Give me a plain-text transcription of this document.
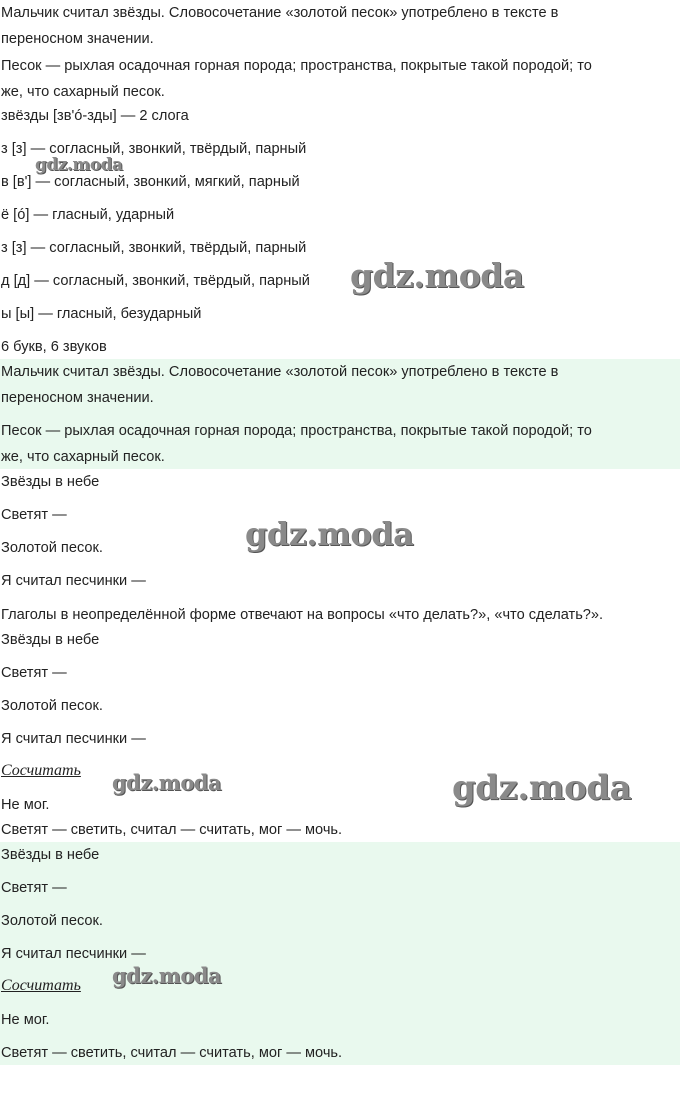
Мальчик считал звёзды. Словосочетание «золотой песок» употреблено в тексте в
переносном значении.
Песок — рыхлая осадочная горная порода; пространства, покрытые такой породой; то
же, что сахарный песок.
звёзды [зв'ó-зды] — 2 слога
з [з] — согласный, звонкий, твёрдый, парный
в [в'] — согласный, звонкий, мягкий, парный
ё [ó] — гласный, ударный
з [з] — согласный, звонкий, твёрдый, парный
д [д] — согласный, звонкий, твёрдый, парный
ы [ы] — гласный, безударный
6 букв, 6 звуков
Мальчик считал звёзды. Словосочетание «золотой песок» употреблено в тексте в
переносном значении.
Песок — рыхлая осадочная горная порода; пространства, покрытые такой породой; то
же, что сахарный песок.
Звёзды в небе
Светят —
Золотой песок.
Я считал песчинки —
Глаголы в неопределённой форме отвечают на вопросы «что делать?», «что сделать?».
Звёзды в небе
Светят —
Золотой песок.
Я считал песчинки —
Сосчитать
Не мог.
Светят — светить, считал — считать, мог — мочь.
Звёзды в небе
Светят —
Золотой песок.
Я считал песчинки —
Сосчитать
Не мог.
Светят — светить, считал — считать, мог — мочь.
gdz.moda
gdz.moda
gdz.moda
gdz.moda	gdz.moda
gdz.moda
